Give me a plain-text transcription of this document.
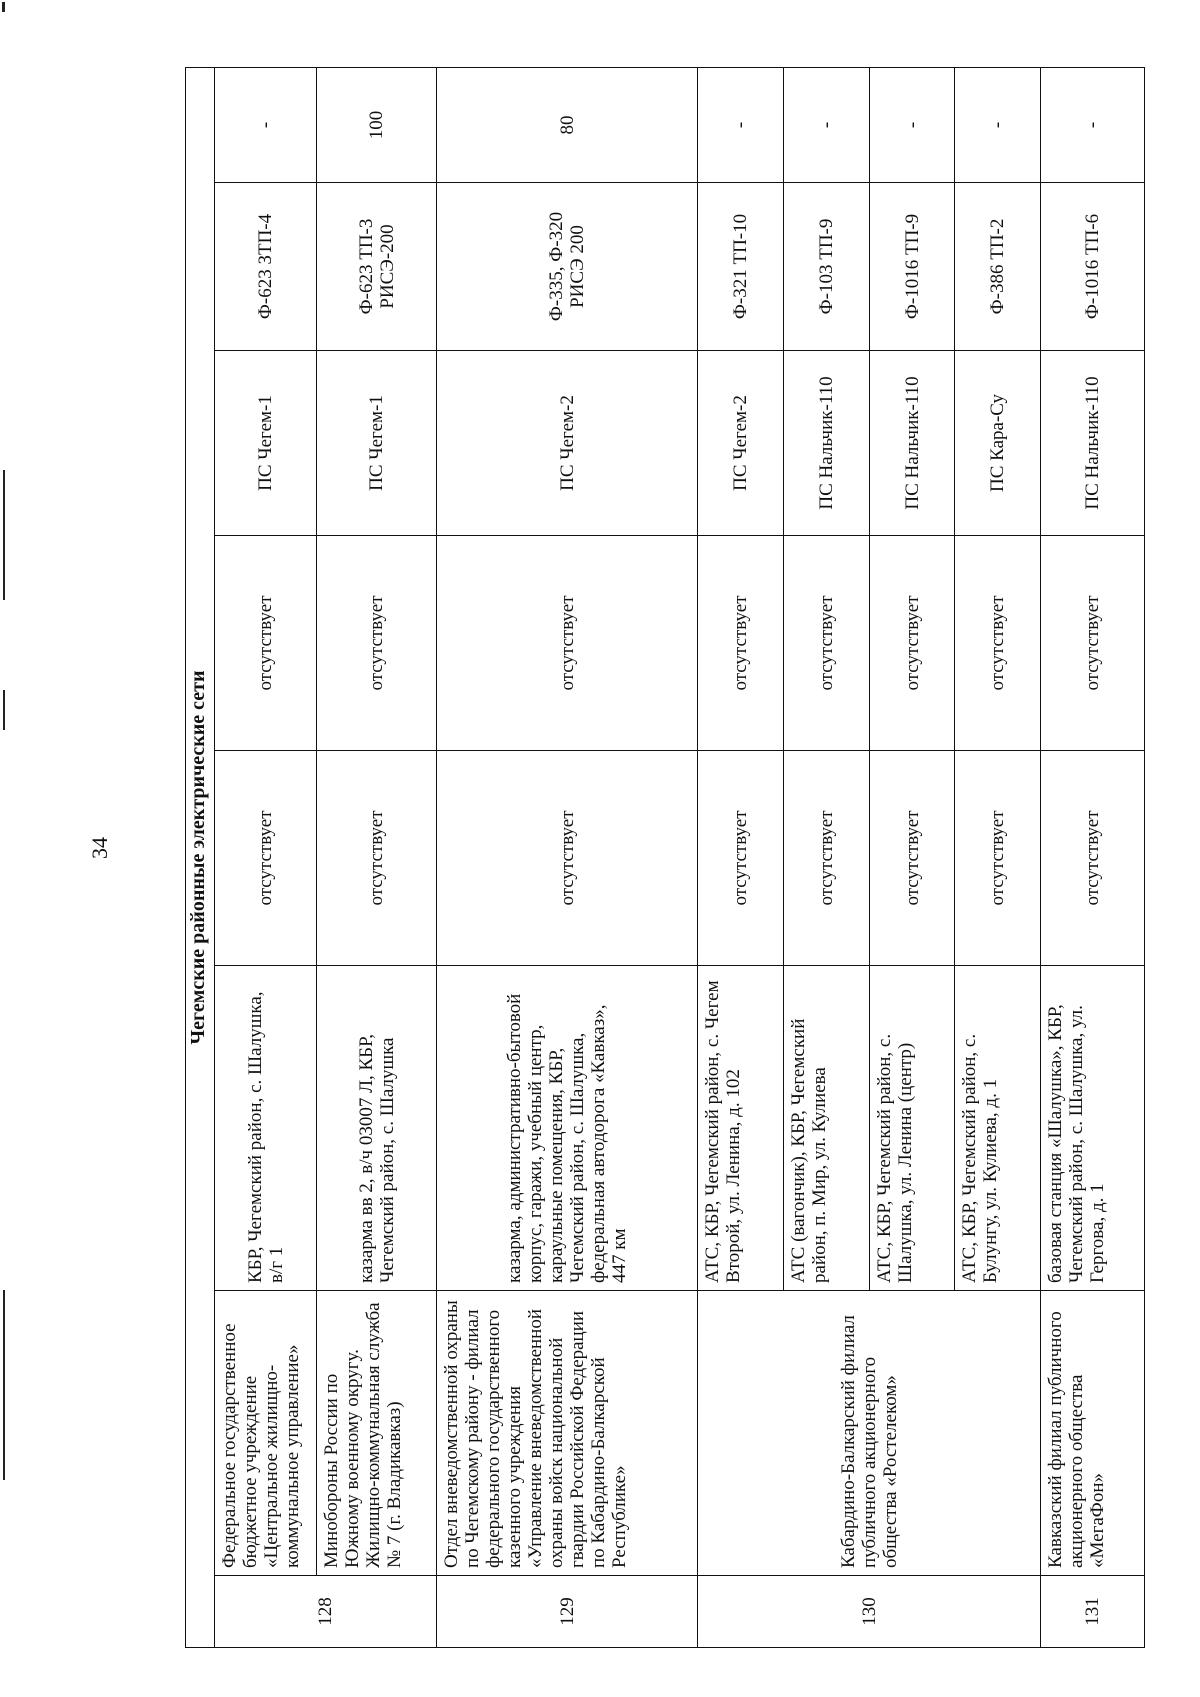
34	Чегемские районные электрические сети							
128	Федеральное государственное бюджетное учреждение «Центральное жилищно-коммунальное управление»	КБР, Чегемский район, с. Шалушка, в/г 1	отсутствует	отсутствует	ПС Чегем-1	Ф-623 ЗТП-4	-
	Минобороны России по Южному военному округу. Жилищно-коммунальная служба № 7 (г. Владикавказ)	казарма вв 2, в/ч 03007 Л, КБР, Чегемский район, с. Шалушка	отсутствует	отсутствует	ПС Чегем-1	Ф-623 ТП-3 РИСЭ-200	100
129	Отдел вневедомственной охраны по Чегемскому району - филиал федерального государственного казенного учреждения «Управление вневедомственной охраны войск национальной гвардии Российской Федерации по Кабардино-Балкарской Республике»	казарма, административно-бытовой корпус, гаражи, учебный центр, караульные помещения, КБР, Чегемский район, с. Шалушка, федеральная автодорога «Кавказ», 447 км	отсутствует	отсутствует	ПС Чегем-2	Ф-335, Ф-320 РИСЭ 200	80
130	Кабардино-Балкарский филиал публичного акционерного общества «Ростелеком»	АТС, КБР, Чегемский район, с. Чегем Второй, ул. Ленина, д. 102	отсутствует	отсутствует	ПС Чегем-2	Ф-321 ТП-10	-
		АТС (вагончик), КБР, Чегемский район, п. Мир, ул. Кулиева	отсутствует	отсутствует	ПС Нальчик-110	Ф-103 ТП-9	-
		АТС, КБР, Чегемский район, с. Шалушка, ул. Ленина (центр)	отсутствует	отсутствует	ПС Нальчик-110	Ф-1016 ТП-9	-
		АТС, КБР, Чегемский район, с. Булунгу, ул. Кулиева, д. 1	отсутствует	отсутствует	ПС Кара-Су	Ф-386 ТП-2	-
131	Кавказский филиал публичного акционерного общества «МегаФон»	базовая станция «Шалушка», КБР, Чегемский район, с. Шалушка, ул. Гергова, д. 1	отсутствует	отсутствует	ПС Нальчик-110	Ф-1016 ТП-6	-
